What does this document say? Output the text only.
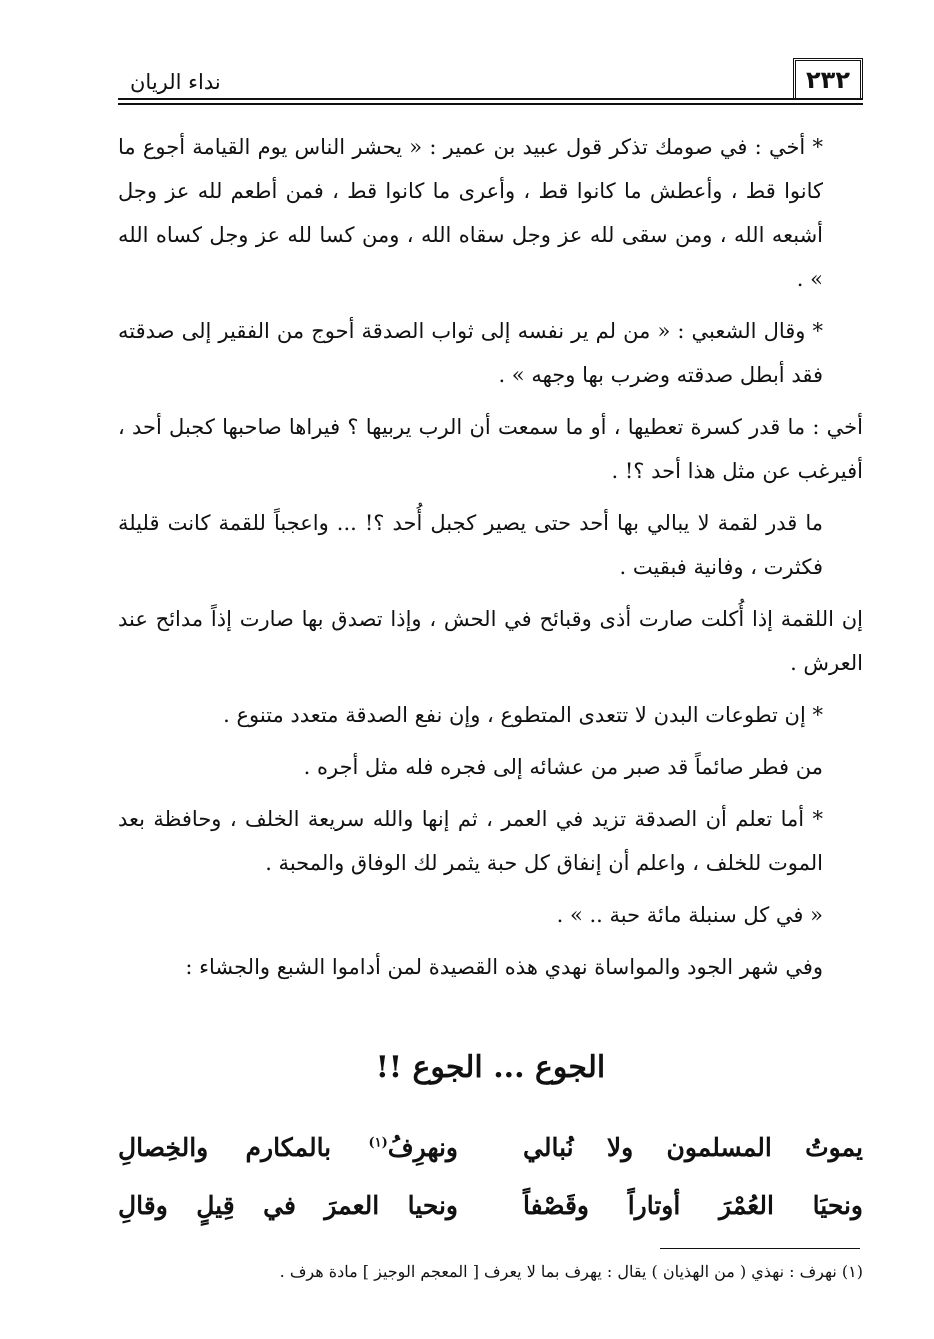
٢٣٢
نداء الريان

* أخي : في صومك تذكر قول عبيد بن عمير : « يحشر الناس يوم القيامة أجوع ما كانوا قط ، وأعطش ما كانوا قط ، وأعرى ما كانوا قط ، فمن أطعم لله عز وجل أشبعه الله ، ومن سقى لله عز وجل سقاه الله ، ومن كسا لله عز وجل كساه الله » .

* وقال الشعبي : « من لم ير نفسه إلى ثواب الصدقة أحوج من الفقير إلى صدقته فقد أبطل صدقته وضرب بها وجهه » .

أخي : ما قدر كسرة تعطيها ، أو ما سمعت أن الرب يربيها ؟ فيراها صاحبها كجبل أحد ، أفيرغب عن مثل هذا أحد ؟! .

ما قدر لقمة لا يبالي بها أحد حتى يصير كجبل أُحد ؟! ... واعجباً للقمة كانت قليلة فكثرت ، وفانية فبقيت .

إن اللقمة إذا أُكلت صارت أذى وقبائح في الحش ، وإذا تصدق بها صارت إذاً مدائح عند العرش .

* إن تطوعات البدن لا تتعدى المتطوع ، وإن نفع الصدقة متعدد متنوع .

من فطر صائماً قد صبر من عشائه إلى فجره فله مثل أجره .

* أما تعلم أن الصدقة تزيد في العمر ، ثم إنها والله سريعة الخلف ، وحافظة بعد الموت للخلف ، واعلم أن إنفاق كل حبة يثمر لك الوفاق والمحبة .

« في كل سنبلة مائة حبة .. » .

وفي شهر الجود والمواساة نهدي هذه القصيدة لمن أداموا الشبع والجشاء :

الجوع ... الجوع !!
يموتُ المسلمون ولا نُبالي
ونهرِفُ$^{(١)}$ بالمكارم والخِصالِ
ونحيَا العُمْرَ أوتاراً وقَصْفاً
ونحيا العمرَ في قِيلٍ وقالِ
(١) نهرف : نهذي ( من الهذيان ) يقال : يهرف بما لا يعرف [ المعجم الوجيز ] مادة هرف .
